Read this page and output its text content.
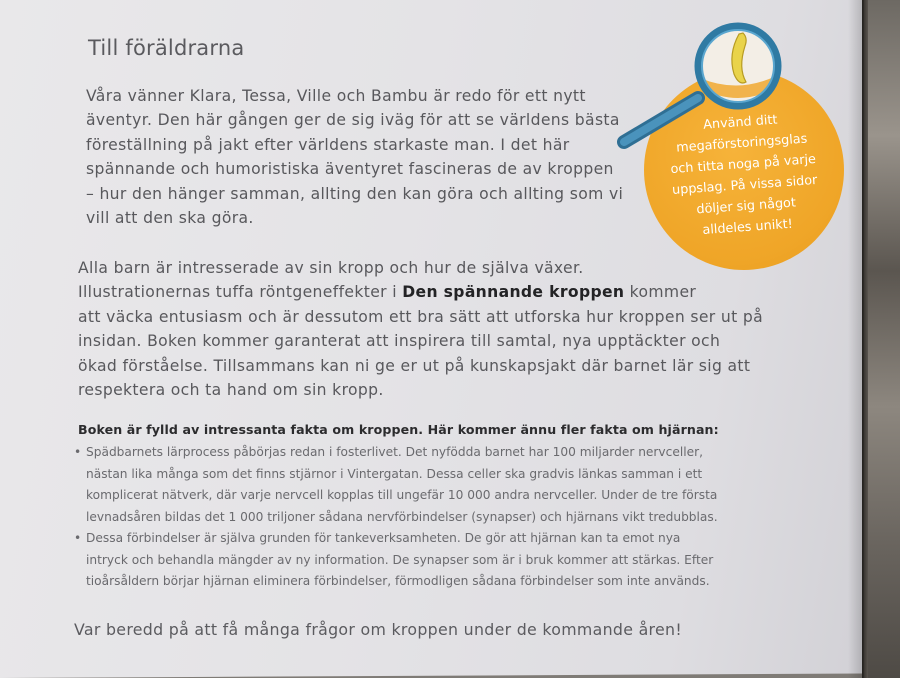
Till föräldrarna

Våra vänner Klara, Tessa, Ville och Bambu är redo för ett nytt
äventyr. Den här gången ger de sig iväg för att se världens bästa
föreställning på jakt efter världens starkaste man. I det här
spännande och humoristiska äventyret fascineras de av kroppen
– hur den hänger samman, allting den kan göra och allting som vi
vill att den ska göra.

Alla barn är intresserade av sin kropp och hur de själva växer.
Illustrationernas tuffa röntgeneffekter i Den spännande kroppen kommer
att väcka entusiasm och är dessutom ett bra sätt att utforska hur kroppen ser ut på
insidan. Boken kommer garanterat att inspirera till samtal, nya upptäckter och
ökad förståelse. Tillsammans kan ni ge er ut på kunskapsjakt där barnet lär sig att
respektera och ta hand om sin kropp.

Boken är fylld av intressanta fakta om kroppen. Här kommer ännu fler fakta om hjärnan:
• Spädbarnets lärprocess påbörjas redan i fosterlivet. Det nyfödda barnet har 100 miljarder nervceller,
nästan lika många som det finns stjärnor i Vintergatan. Dessa celler ska gradvis länkas samman i ett
komplicerat nätverk, där varje nervcell kopplas till ungefär 10 000 andra nervceller. Under de tre första
levnadsåren bildas det 1 000 triljoner sådana nervförbindelser (synapser) och hjärnans vikt tredubblas.
• Dessa förbindelser är själva grunden för tankeverksamheten. De gör att hjärnan kan ta emot nya
intryck och behandla mängder av ny information. De synapser som är i bruk kommer att stärkas. Efter
tioårsåldern börjar hjärnan eliminera förbindelser, förmodligen sådana förbindelser som inte används.
Var beredd på att få många frågor om kroppen under de kommande åren!
Använd ditt
megaförstoringsglas
och titta noga på varje
uppslag. På vissa sidor
döljer sig något
alldeles unikt!
